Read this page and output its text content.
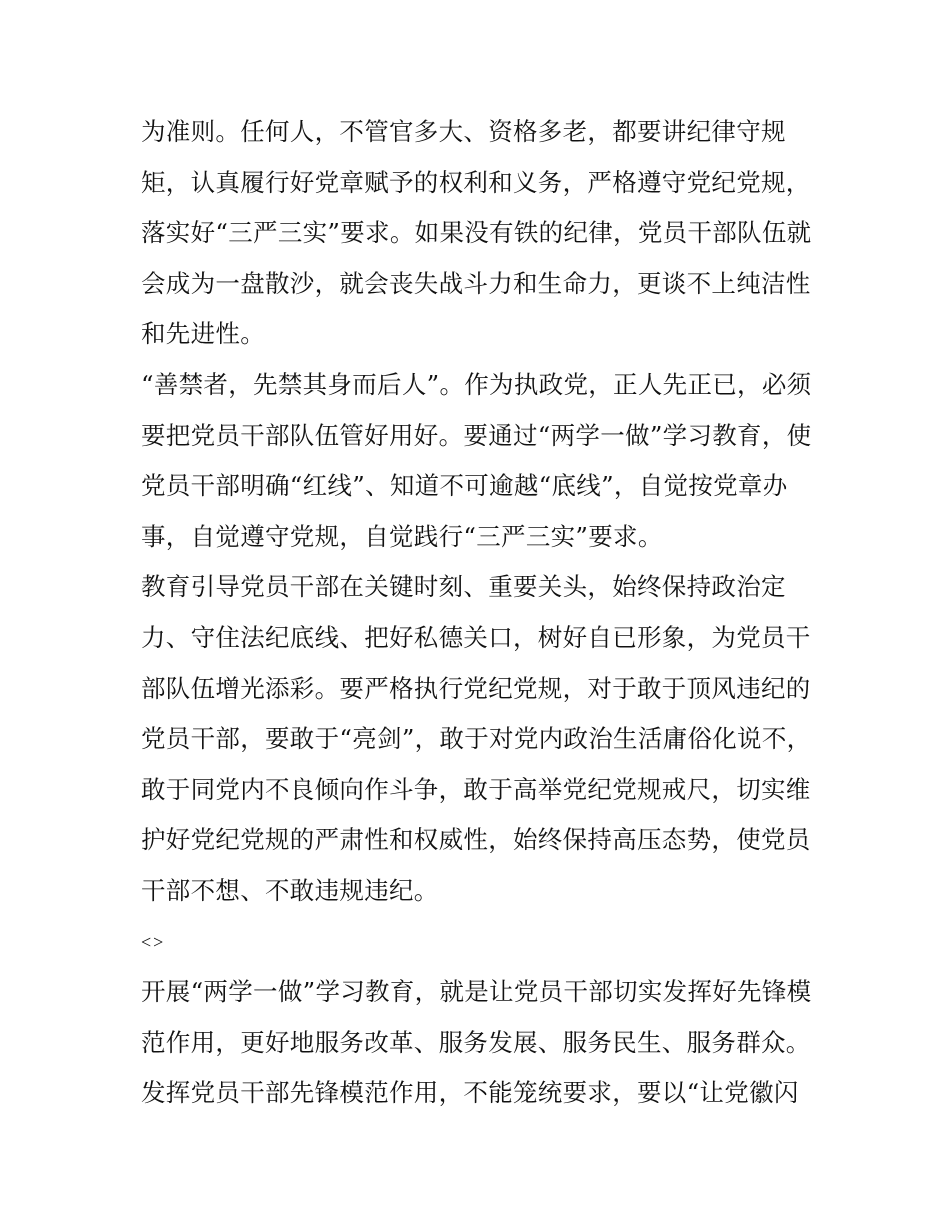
为准则。任何人，不管官多大、资格多老，都要讲纪律守规
矩，认真履行好党章赋予的权利和义务，严格遵守党纪党规，
落实好“三严三实”要求。如果没有铁的纪律，党员干部队伍就
会成为一盘散沙，就会丧失战斗力和生命力，更谈不上纯洁性
和先进性。
“善禁者，先禁其身而后人”。作为执政党，正人先正已，必须
要把党员干部队伍管好用好。要通过“两学一做”学习教育，使
党员干部明确“红线”、知道不可逾越“底线”，自觉按党章办
事，自觉遵守党规，自觉践行“三严三实”要求。
教育引导党员干部在关键时刻、重要关头，始终保持政治定
力、守住法纪底线、把好私德关口，树好自已形象，为党员干
部队伍增光添彩。要严格执行党纪党规，对于敢于顶风违纪的
党员干部，要敢于“亮剑”，敢于对党内政治生活庸俗化说不，
敢于同党内不良倾向作斗争，敢于高举党纪党规戒尺，切实维
护好党纪党规的严肃性和权威性，始终保持高压态势，使党员
干部不想、不敢违规违纪。
<>
开展“两学一做”学习教育，就是让党员干部切实发挥好先锋模
范作用，更好地服务改革、服务发展、服务民生、服务群众。
发挥党员干部先锋模范作用，不能笼统要求，要以“让党徽闪
